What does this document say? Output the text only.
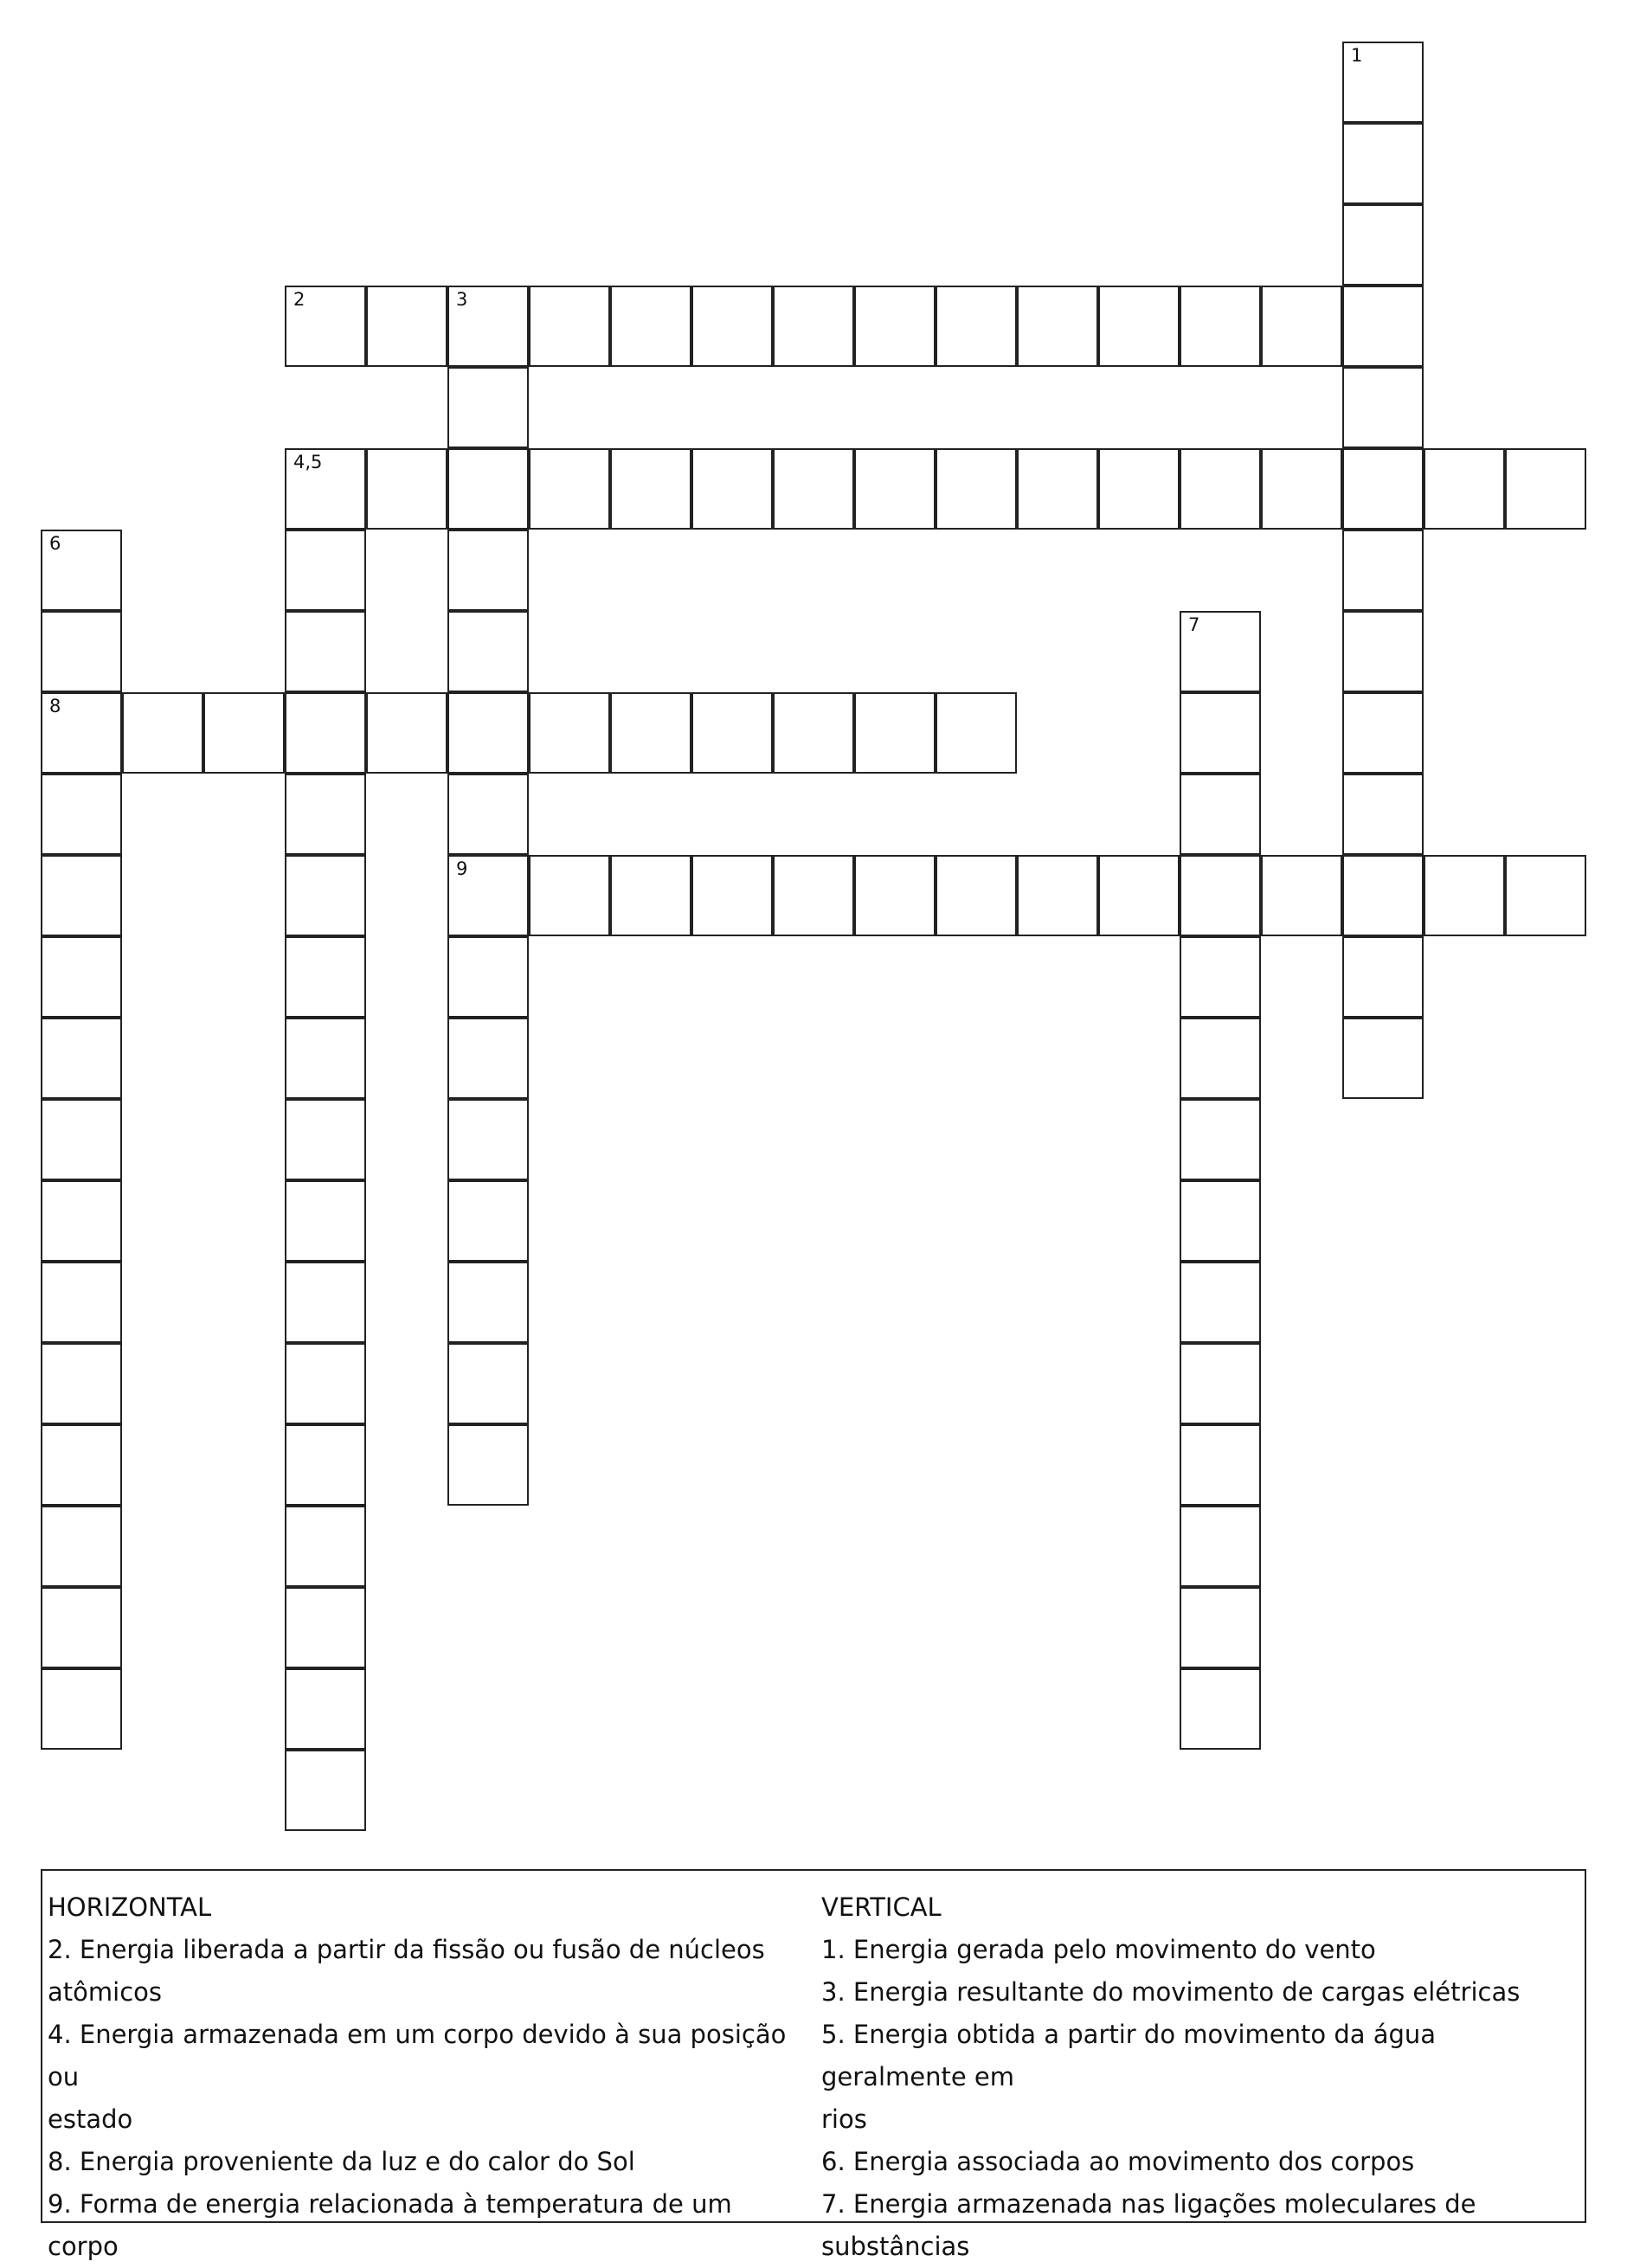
1
2	3
9
4,5
6
8
7
HORIZONTAL
2. Energia liberada a partir da fissão ou fusão de núcleos
atômicos
4. Energia armazenada em um corpo devido à sua posição ou
estado
8. Energia proveniente da luz e do calor do Sol
9. Forma de energia relacionada à temperatura de um corpo
VERTICAL
1. Energia gerada pelo movimento do vento
3. Energia resultante do movimento de cargas elétricas
5. Energia obtida a partir do movimento da água geralmente em
rios
6. Energia associada ao movimento dos corpos
7. Energia armazenada nas ligações moleculares de substâncias
